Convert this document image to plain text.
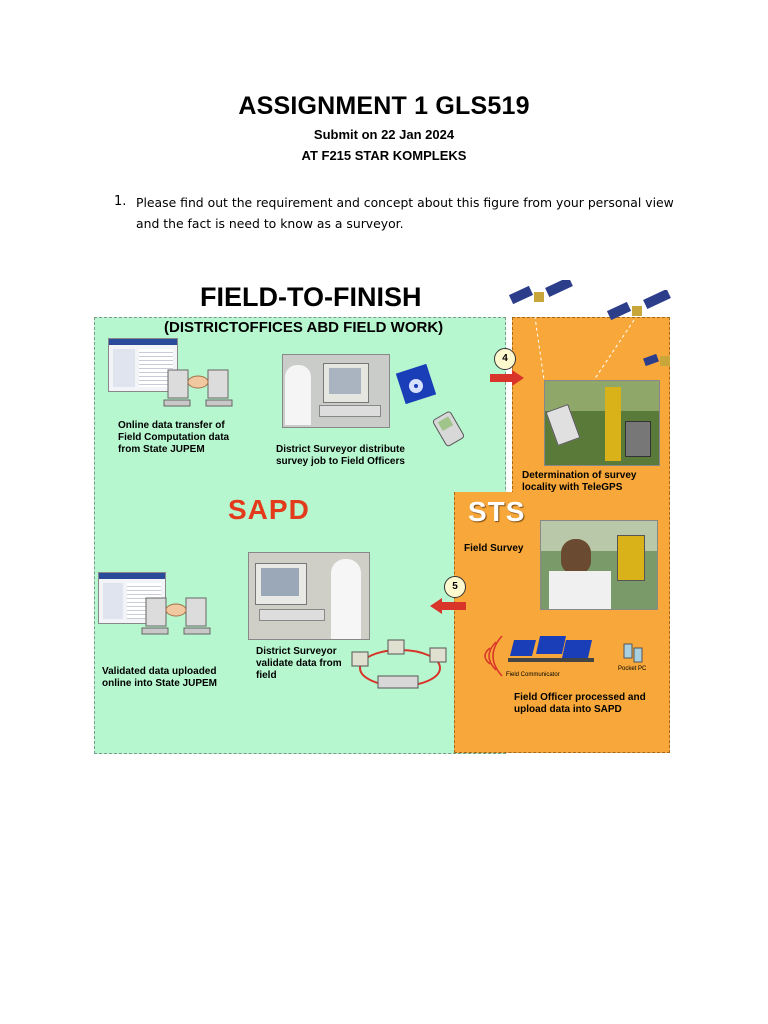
ASSIGNMENT 1 GLS519
Submit on 22 Jan 2024
AT F215 STAR KOMPLEKS
1. Please find out the requirement and concept about this figure from your personal view and the fact is need to know as a surveyor.
FIELD-TO-FINISH
(DISTRICTOFFICES ABD FIELD WORK)
Online data transfer of Field Computation data from State JUPEM	District Surveyor distribute survey job to Field Officers
4
Determination of survey locality with TeleGPS
SAPD	STS
Field Survey
5
District Surveyor validate data from field
Validated data uploaded online into State JUPEM
Field Communicator
Pocket PC
Field Officer processed and upload data into SAPD
